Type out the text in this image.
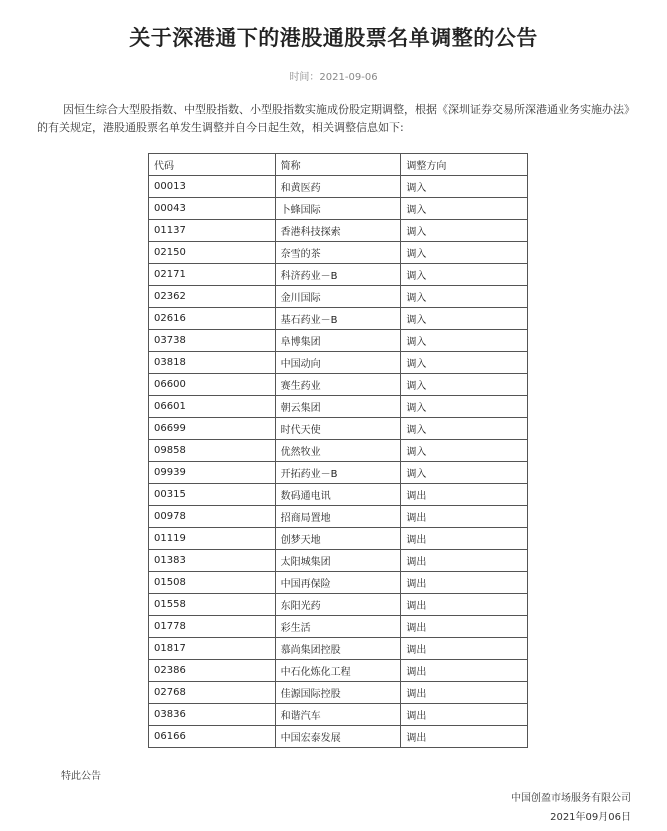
关于深港通下的港股通股票名单调整的公告
时间：2021-09-06

因恒生综合大型股指数、中型股指数、小型股指数实施成份股定期调整，根据《深圳证券交易所深港通业务实施办法》的有关规定，港股通股票名单发生调整并自今日起生效，相关调整信息如下:

代码	简称	调整方向
00013	和黄医药	调入
00043	卜蜂国际	调入
01137	香港科技探索	调入
02150	奈雪的茶	调入
02171	科济药业－B	调入
02362	金川国际	调入
02616	基石药业－B	调入
03738	阜博集团	调入
03818	中国动向	调入
06600	赛生药业	调入
06601	朝云集团	调入
06699	时代天使	调入
09858	优然牧业	调入
09939	开拓药业－B	调入
00315	数码通电讯	调出
00978	招商局置地	调出
01119	创梦天地	调出
01383	太阳城集团	调出
01508	中国再保险	调出
01558	东阳光药	调出
01778	彩生活	调出
01817	慕尚集团控股	调出
02386	中石化炼化工程	调出
02768	佳源国际控股	调出
03836	和谐汽车	调出
06166	中国宏泰发展	调出
特此公告
中国创盈市场服务有限公司
2021年09月06日
